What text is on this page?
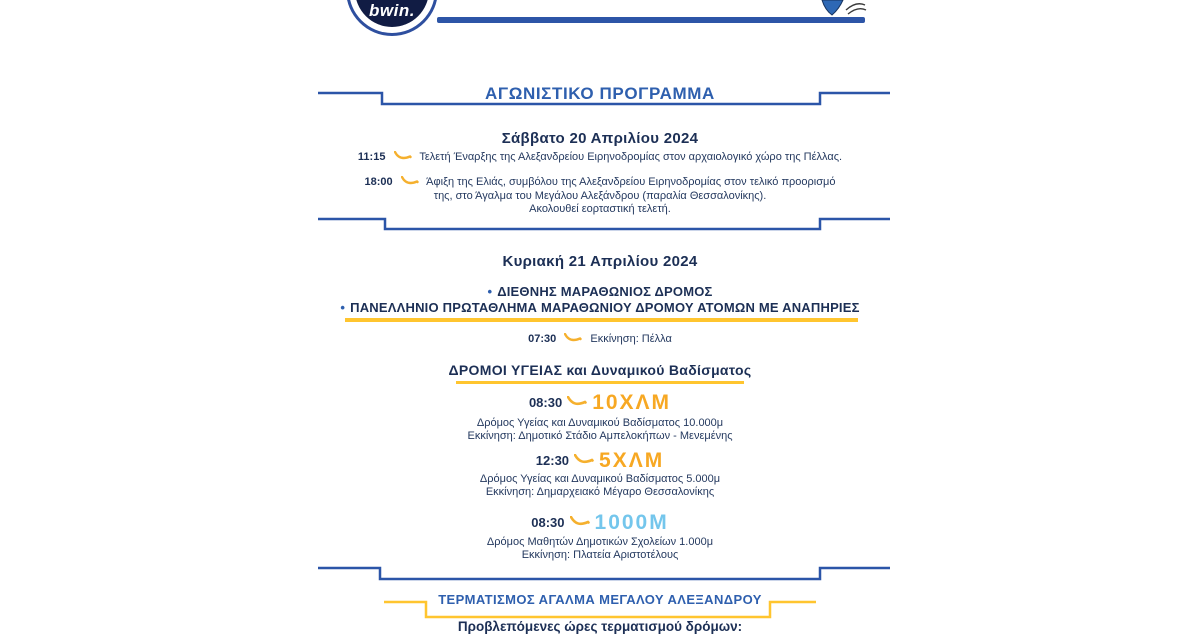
bwin.
ΑΓΩΝΙΣΤΙΚΟ ΠΡΟΓΡΑΜΜΑ
Σάββατο 20 Απριλίου 2024
11:15	Τελετή Έναρξης της Αλεξανδρείου Ειρηνοδρομίας στον αρχαιολογικό χώρο της Πέλλας.
18:00	Άφιξη της Ελιάς, συμβόλου της Αλεξανδρείου Ειρηνοδρομίας στον τελικό προορισμό
της, στο Άγαλμα του Μεγάλου Αλεξάνδρου (παραλία Θεσσαλονίκης).
Ακολουθεί εορταστική τελετή.
Κυριακή 21 Απριλίου 2024
• ΔΙΕΘΝΗΣ ΜΑΡΑΘΩΝΙΟΣ ΔΡΟΜΟΣ
• ΠΑΝΕΛΛΗΝΙΟ ΠΡΩΤΑΘΛΗΜΑ ΜΑΡΑΘΩΝΙΟΥ ΔΡΟΜΟΥ ΑΤΟΜΩΝ ΜΕ ΑΝΑΠΗΡΙΕΣ
07:30	Εκκίνηση: Πέλλα
ΔΡΟΜΟΙ ΥΓΕΙΑΣ και Δυναμικού Βαδίσματος
08:30 10ΧΛΜ
Δρόμος Υγείας και Δυναμικού Βαδίσματος 10.000μ
Εκκίνηση: Δημοτικό Στάδιο Αμπελοκήπων - Μενεμένης
12:30 5ΧΛΜ
Δρόμος Υγείας και Δυναμικού Βαδίσματος 5.000μ
Εκκίνηση: Δημαρχειακό Μέγαρο Θεσσαλονίκης
08:30 1000Μ
Δρόμος Μαθητών Δημοτικών Σχολείων 1.000μ
Εκκίνηση: Πλατεία Αριστοτέλους
ΤΕΡΜΑΤΙΣΜΟΣ ΑΓΑΛΜΑ ΜΕΓΑΛΟΥ ΑΛΕΞΑΝΔΡΟΥ
Προβλεπόμενες ώρες τερματισμού δρόμων:
